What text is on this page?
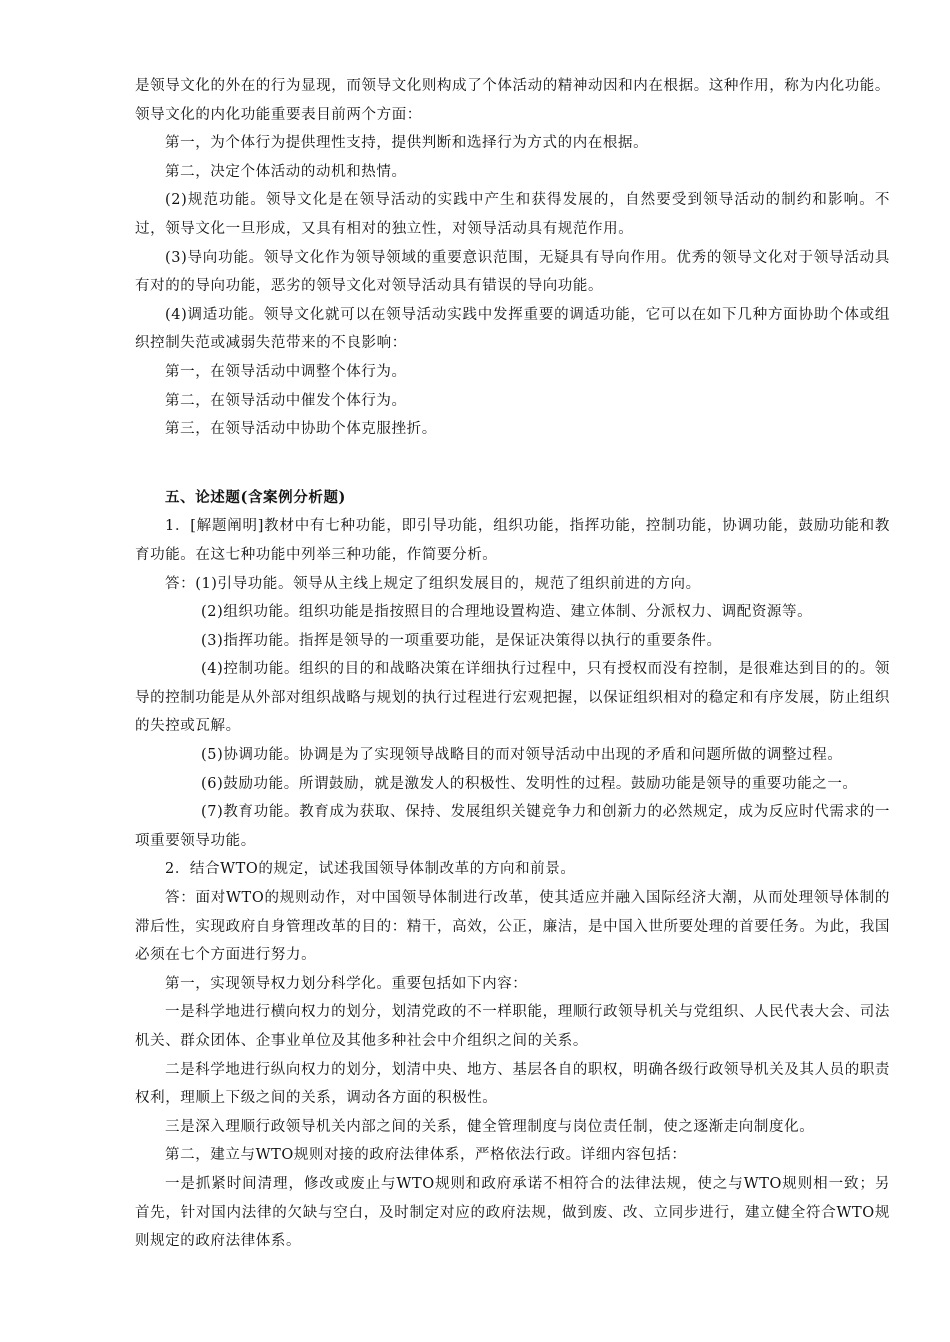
是领导文化的外在的行为显现，而领导文化则构成了个体活动的精神动因和内在根据。这种作用，称为内化功能。领导文化的内化功能重要表目前两个方面：

第一，为个体行为提供理性支持，提供判断和选择行为方式的内在根据。

第二，决定个体活动的动机和热情。

(2)规范功能。领导文化是在领导活动的实践中产生和获得发展的，自然要受到领导活动的制约和影响。不过，领导文化一旦形成，又具有相对的独立性，对领导活动具有规范作用。

(3)导向功能。领导文化作为领导领域的重要意识范围，无疑具有导向作用。优秀的领导文化对于领导活动具有对的的导向功能，恶劣的领导文化对领导活动具有错误的导向功能。

(4)调适功能。领导文化就可以在领导活动实践中发挥重要的调适功能，它可以在如下几种方面协助个体或组织控制失范或减弱失范带来的不良影响：

第一，在领导活动中调整个体行为。

第二，在领导活动中催发个体行为。

第三，在领导活动中协助个体克服挫折。

五、论述题(含案例分析题)

1．[解题阐明]教材中有七种功能，即引导功能，组织功能，指挥功能，控制功能，协调功能，鼓励功能和教育功能。在这七种功能中列举三种功能，作简要分析。

答：(1)引导功能。领导从主线上规定了组织发展目的，规范了组织前进的方向。

(2)组织功能。组织功能是指按照目的合理地设置构造、建立体制、分派权力、调配资源等。

(3)指挥功能。指挥是领导的一项重要功能，是保证决策得以执行的重要条件。

(4)控制功能。组织的目的和战略决策在详细执行过程中，只有授权而没有控制，是很难达到目的的。领导的控制功能是从外部对组织战略与规划的执行过程进行宏观把握，以保证组织相对的稳定和有序发展，防止组织的失控或瓦解。

(5)协调功能。协调是为了实现领导战略目的而对领导活动中出现的矛盾和问题所做的调整过程。

(6)鼓励功能。所谓鼓励，就是激发人的积极性、发明性的过程。鼓励功能是领导的重要功能之一。

(7)教育功能。教育成为获取、保持、发展组织关键竞争力和创新力的必然规定，成为反应时代需求的一项重要领导功能。

2．结合WTO的规定，试述我国领导体制改革的方向和前景。

答：面对WTO的规则动作，对中国领导体制进行改革，使其适应并融入国际经济大潮，从而处理领导体制的滞后性，实现政府自身管理改革的目的：精干，高效，公正，廉洁，是中国入世所要处理的首要任务。为此，我国必须在七个方面进行努力。

第一，实现领导权力划分科学化。重要包括如下内容：

一是科学地进行横向权力的划分，划清党政的不一样职能，理顺行政领导机关与党组织、人民代表大会、司法机关、群众团体、企事业单位及其他多种社会中介组织之间的关系。

二是科学地进行纵向权力的划分，划清中央、地方、基层各自的职权，明确各级行政领导机关及其人员的职责权利，理顺上下级之间的关系，调动各方面的积极性。

三是深入理顺行政领导机关内部之间的关系，健全管理制度与岗位责任制，使之逐渐走向制度化。

第二，建立与WTO规则对接的政府法律体系，严格依法行政。详细内容包括：

一是抓紧时间清理，修改或废止与WTO规则和政府承诺不相符合的法律法规，使之与WTO规则相一致；另首先，针对国内法律的欠缺与空白，及时制定对应的政府法规，做到废、改、立同步进行，建立健全符合WTO规则规定的政府法律体系。
